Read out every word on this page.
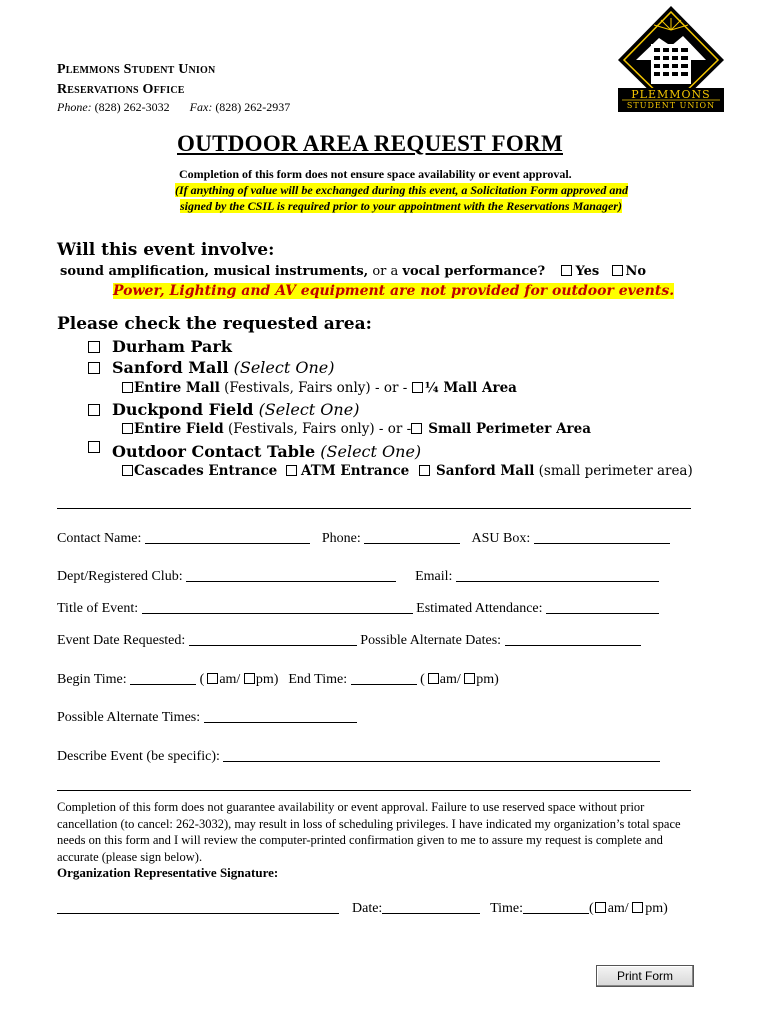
Plemmons Student Union
Reservations Office
Phone: (828) 262-3032 Fax: (828) 262-2937
PLEMMONS
STUDENT UNION
OUTDOOR AREA REQUEST FORM
Completion of this form does not ensure space availability or event approval.
(If anything of value will be exchanged during this event, a Solicitation Form approved and
signed by the CSIL is required prior to your appointment with the Reservations Manager)
Will this event involve:
sound amplification, musical instruments, or a vocal performance? Yes No
Power, Lighting and AV equipment are not provided for outdoor events.
Please check the requested area:
Durham Park
Sanford Mall (Select One)
Entire Mall (Festivals, Fairs only) - or - ¼ Mall Area
Duckpond Field (Select One)
Entire Field (Festivals, Fairs only) - or - Small Perimeter Area
Outdoor Contact Table (Select One)
Cascades Entrance	ATM Entrance	Sanford Mall (small perimeter area)
Contact Name:	Phone:	ASU Box:
Dept/Registered Club:	Email:
Title of Event:	Estimated Attendance:
Event Date Requested:	Possible Alternate Dates:
Begin Time:	( am/ pm) End Time:	( am/ pm)
Possible Alternate Times:
Describe Event (be specific):
Completion of this form does not guarantee availability or event approval. Failure to use reserved space without prior cancellation (to cancel: 262-3032), may result in loss of scheduling privileges. I have indicated my organization’s total space needs on this form and I will review the computer-printed confirmation given to me to assure my request is complete and accurate (please sign below).
Organization Representative Signature:
Date:	Time:	( am/ pm)
Print Form
